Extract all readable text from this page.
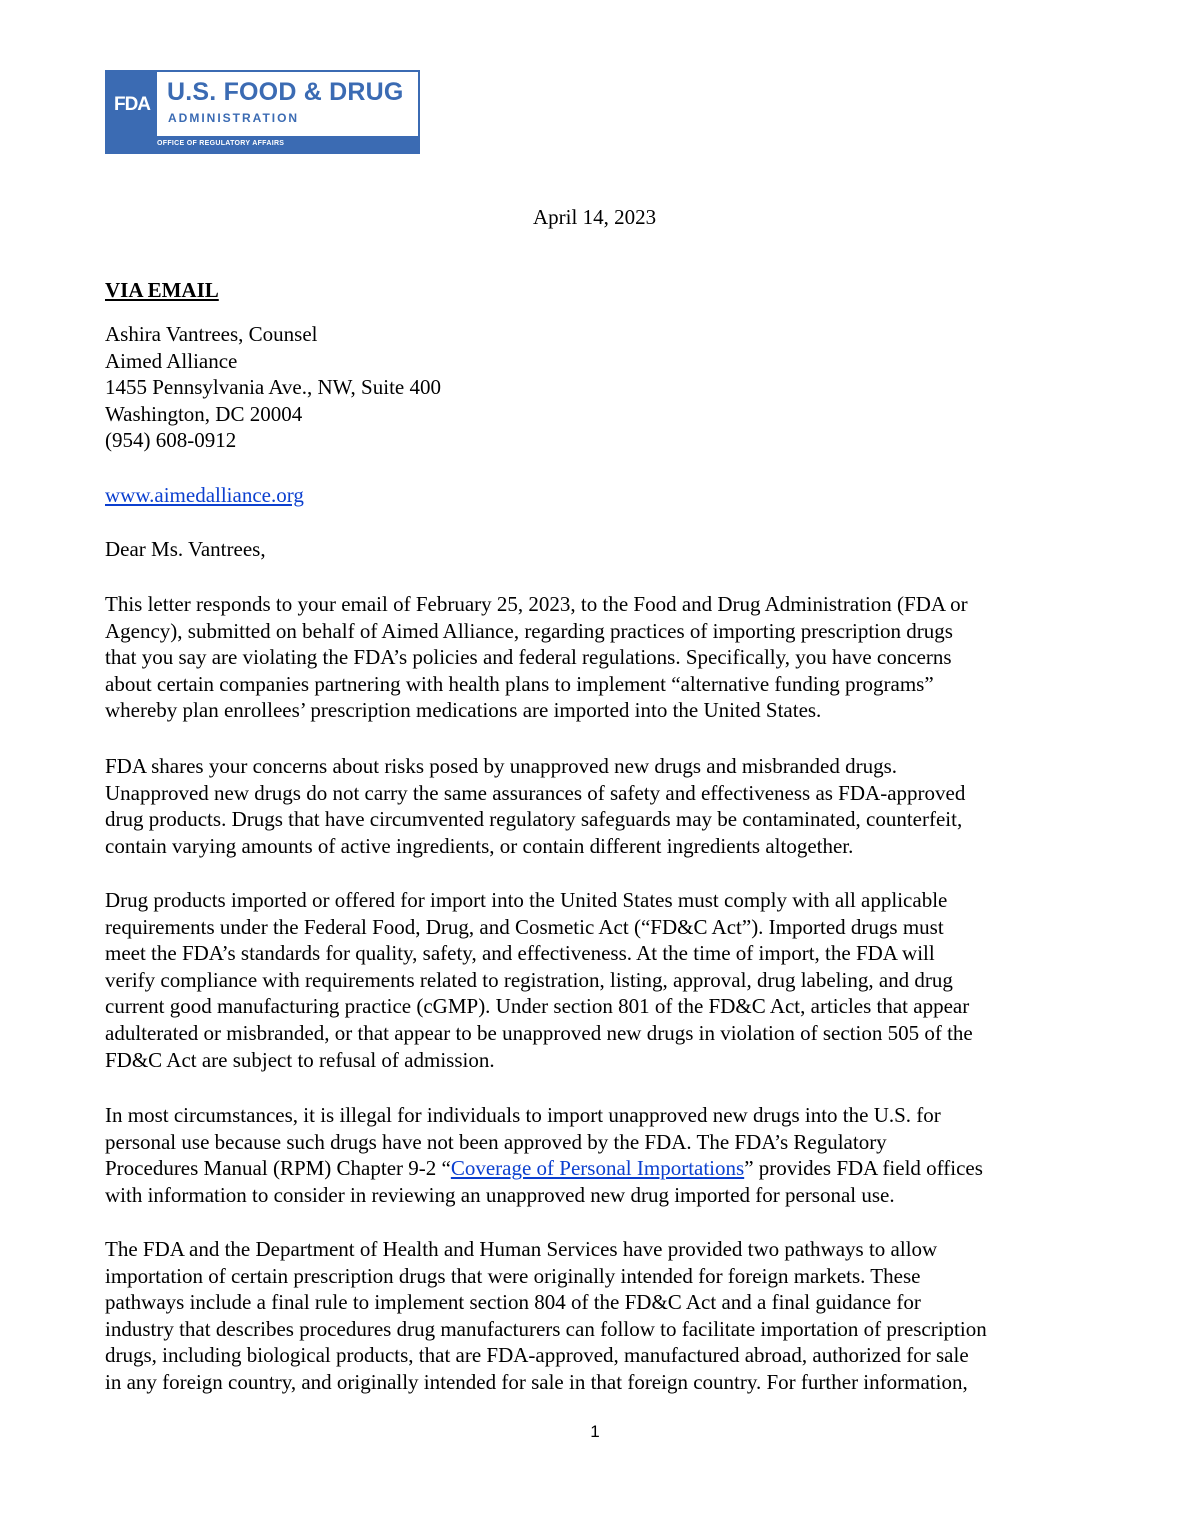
FDA U.S. FOOD & DRUG
ADMINISTRATION
OFFICE OF REGULATORY AFFAIRS
April 14, 2023
VIA EMAIL
Ashira Vantrees, Counsel
Aimed Alliance
1455 Pennsylvania Ave., NW, Suite 400
Washington, DC 20004
(954) 608-0912
www.aimedalliance.org
Dear Ms. Vantrees,
This letter responds to your email of February 25, 2023, to the Food and Drug Administration (FDA or
Agency), submitted on behalf of Aimed Alliance, regarding practices of importing prescription drugs
that you say are violating the FDA’s policies and federal regulations. Specifically, you have concerns
about certain companies partnering with health plans to implement “alternative funding programs”
whereby plan enrollees’ prescription medications are imported into the United States.
FDA shares your concerns about risks posed by unapproved new drugs and misbranded drugs.
Unapproved new drugs do not carry the same assurances of safety and effectiveness as FDA-approved
drug products. Drugs that have circumvented regulatory safeguards may be contaminated, counterfeit,
contain varying amounts of active ingredients, or contain different ingredients altogether.
Drug products imported or offered for import into the United States must comply with all applicable
requirements under the Federal Food, Drug, and Cosmetic Act (“FD&C Act”). Imported drugs must
meet the FDA’s standards for quality, safety, and effectiveness. At the time of import, the FDA will
verify compliance with requirements related to registration, listing, approval, drug labeling, and drug
current good manufacturing practice (cGMP). Under section 801 of the FD&C Act, articles that appear
adulterated or misbranded, or that appear to be unapproved new drugs in violation of section 505 of the
FD&C Act are subject to refusal of admission.
In most circumstances, it is illegal for individuals to import unapproved new drugs into the U.S. for
personal use because such drugs have not been approved by the FDA. The FDA’s Regulatory
Procedures Manual (RPM) Chapter 9-2 “Coverage of Personal Importations” provides FDA field offices
with information to consider in reviewing an unapproved new drug imported for personal use.
The FDA and the Department of Health and Human Services have provided two pathways to allow
importation of certain prescription drugs that were originally intended for foreign markets. These
pathways include a final rule to implement section 804 of the FD&C Act and a final guidance for
industry that describes procedures drug manufacturers can follow to facilitate importation of prescription
drugs, including biological products, that are FDA-approved, manufactured abroad, authorized for sale
in any foreign country, and originally intended for sale in that foreign country. For further information,
1
